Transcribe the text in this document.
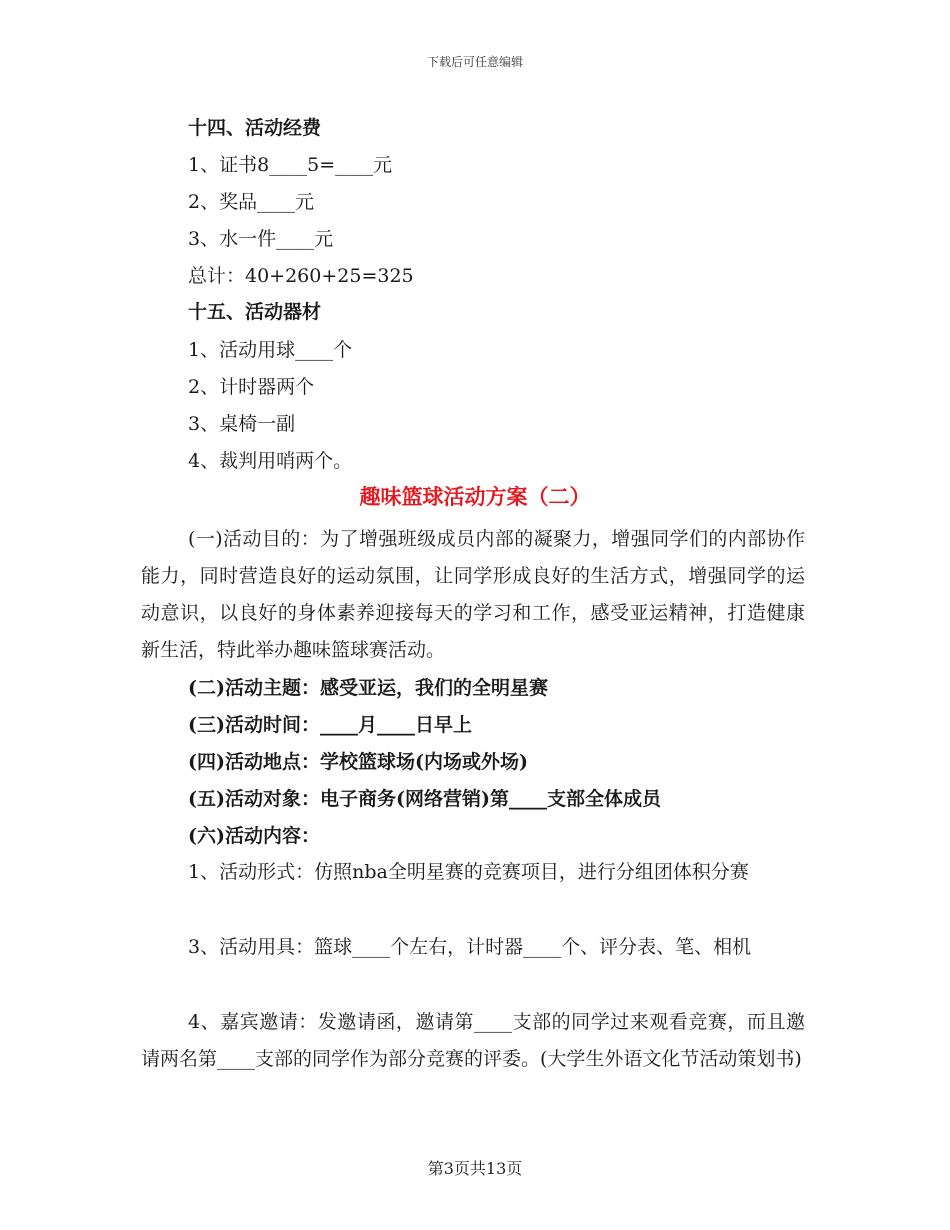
下载后可任意编辑
十四、活动经费
1、证书8____5=____元
2、奖品____元
3、水一件____元
总计：40+260+25=325
十五、活动器材
1、活动用球____个
2、计时器两个
3、桌椅一副
4、裁判用哨两个。
趣味篮球活动方案（二）
(一)活动目的：为了增强班级成员内部的凝聚力，增强同学们的内部协作能力，同时营造良好的运动氛围，让同学形成良好的生活方式，增强同学的运动意识，以良好的身体素养迎接每天的学习和工作，感受亚运精神，打造健康新生活，特此举办趣味篮球赛活动。
(二)活动主题：感受亚运，我们的全明星赛
(三)活动时间：____月____日早上
(四)活动地点：学校篮球场(内场或外场)
(五)活动对象：电子商务(网络营销)第____支部全体成员
(六)活动内容：
1、活动形式：仿照nba全明星赛的竞赛项目，进行分组团体积分赛
3、活动用具：篮球____个左右，计时器____个、评分表、笔、相机
4、嘉宾邀请：发邀请函，邀请第____支部的同学过来观看竞赛，而且邀请两名第____支部的同学作为部分竞赛的评委。(大学生外语文化节活动策划书)
第3页共13页
